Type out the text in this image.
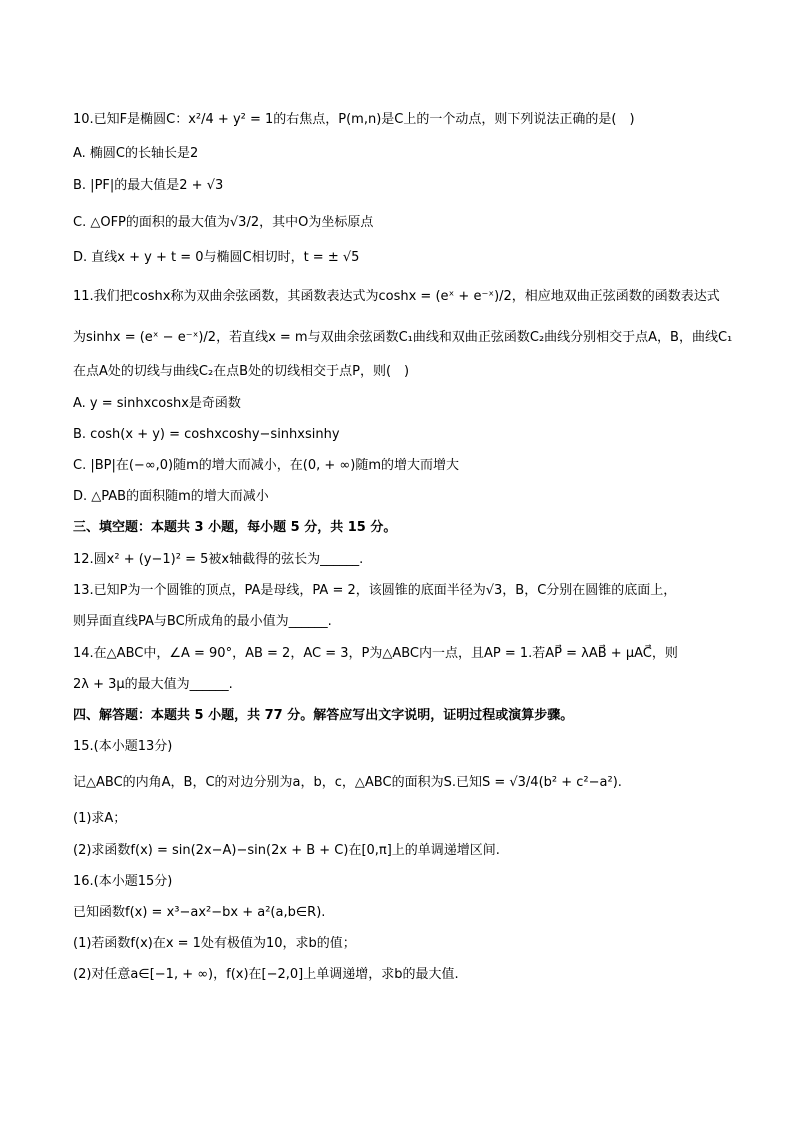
10.已知F是椭圆C：x²/4 + y² = 1的右焦点，P(m,n)是C上的一个动点，则下列说法正确的是(　)
A. 椭圆C的长轴长是2
B. |PF|的最大值是2 + √3
C. △OFP的面积的最大值为√3/2，其中O为坐标原点
D. 直线x + y + t = 0与椭圆C相切时，t = ± √5
11.我们把coshx称为双曲余弦函数，其函数表达式为coshx = (eˣ + e⁻ˣ)/2，相应地双曲正弦函数的函数表达式
为sinhx = (eˣ − e⁻ˣ)/2，若直线x = m与双曲余弦函数C₁曲线和双曲正弦函数C₂曲线分别相交于点A，B，曲线C₁
在点A处的切线与曲线C₂在点B处的切线相交于点P，则(　)
A. y = sinhxcoshx是奇函数
B. cosh(x + y) = coshxcoshy−sinhxsinhy
C. |BP|在(−∞,0)随m的增大而减小，在(0, + ∞)随m的增大而增大
D. △PAB的面积随m的增大而减小
三、填空题：本题共 3 小题，每小题 5 分，共 15 分。
12.圆x² + (y−1)² = 5被x轴截得的弦长为______.
13.已知P为一个圆锥的顶点，PA是母线，PA = 2，该圆锥的底面半径为√3，B，C分别在圆锥的底面上，
则异面直线PA与BC所成角的最小值为______.
14.在△ABC中，∠A = 90°，AB = 2，AC = 3，P为△ABC内一点，且AP = 1.若AP⃗ = λAB⃗ + μAC⃗，则
2λ + 3μ的最大值为______.
四、解答题：本题共 5 小题，共 77 分。解答应写出文字说明，证明过程或演算步骤。
15.(本小题13分)
记△ABC的内角A，B，C的对边分别为a，b，c，△ABC的面积为S.已知S = √3/4(b² + c²−a²).
(1)求A；
(2)求函数f(x) = sin(2x−A)−sin(2x + B + C)在[0,π]上的单调递增区间.
16.(本小题15分)
已知函数f(x) = x³−ax²−bx + a²(a,b∈R).
(1)若函数f(x)在x = 1处有极值为10，求b的值；
(2)对任意a∈[−1, + ∞)，f(x)在[−2,0]上单调递增，求b的最大值.
